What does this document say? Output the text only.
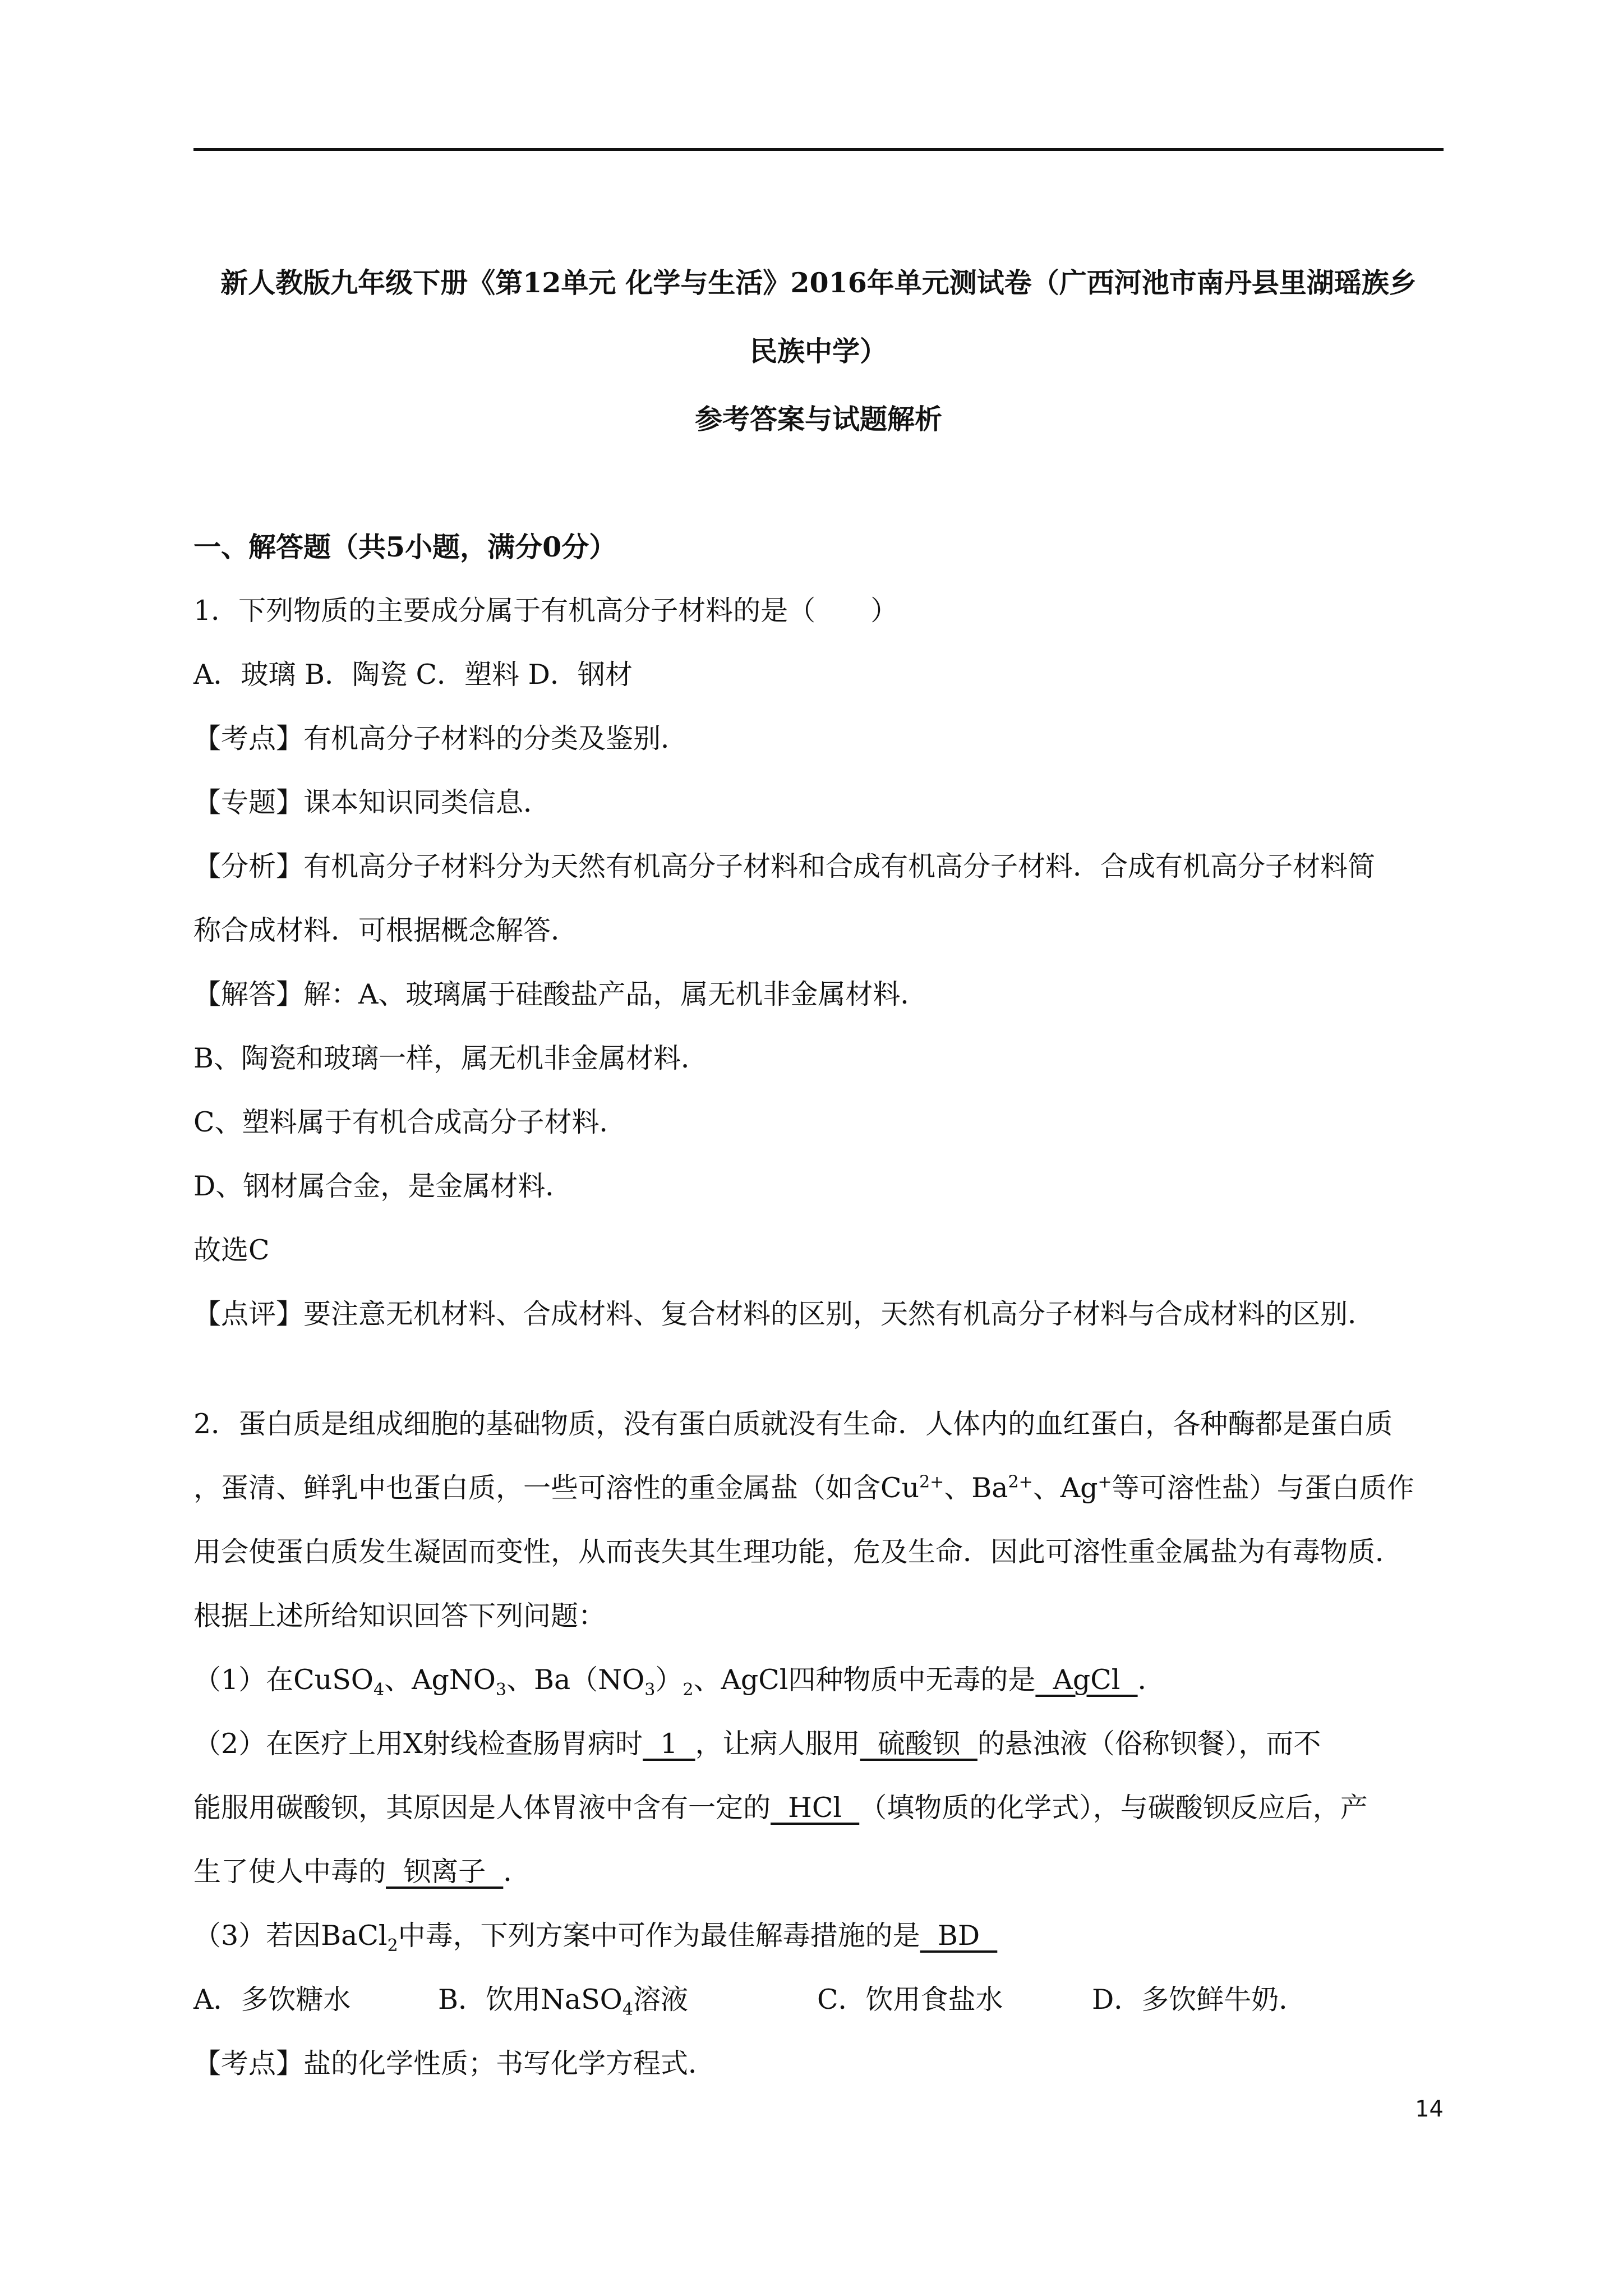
新人教版九年级下册《第12单元 化学与生活》2016年单元测试卷（广西河池市南丹县里湖瑶族乡
民族中学）
参考答案与试题解析
一、解答题（共5小题，满分0分）
1．下列物质的主要成分属于有机高分子材料的是（　　）
A．玻璃 B．陶瓷 C．塑料 D．钢材
【考点】有机高分子材料的分类及鉴别．
【专题】课本知识同类信息．
【分析】有机高分子材料分为天然有机高分子材料和合成有机高分子材料．合成有机高分子材料简
称合成材料．可根据概念解答．
【解答】解：A、玻璃属于硅酸盐产品，属无机非金属材料．
B、陶瓷和玻璃一样，属无机非金属材料．
C、塑料属于有机合成高分子材料．
D、钢材属合金，是金属材料．
故选C
【点评】要注意无机材料、合成材料、复合材料的区别，天然有机高分子材料与合成材料的区别．
2．蛋白质是组成细胞的基础物质，没有蛋白质就没有生命．人体内的血红蛋白，各种酶都是蛋白质
，蛋清、鲜乳中也蛋白质，一些可溶性的重金属盐（如含$Cu^{2+}$、$Ba^{2+}$、Ag+等可溶性盐）与蛋白质作
用会使蛋白质发生凝固而变性，从而丧失其生理功能，危及生命．因此可溶性重金属盐为有毒物质．
根据上述所给知识回答下列问题：
（1）在CuSO$_4$、AgNO$_3$、$Ba(NO_3)_2$、AgCl四种物质中无毒的是  AgCl  ．
（2）在医疗上用X射线检查肠胃病时  1  ，让病人服用  硫酸钡  的悬浊液（俗称钡餐），而不
能服用碳酸钡，其原因是人体胃液中含有一定的  HCl  （填物质的化学式），与碳酸钡反应后，产
生了使人中毒的  钡离子  ．
（3）若因BaCl$_2$中毒，下列方案中可作为最佳解毒措施的是  BD
A．多饮糖水	B．饮用NaSO$_4$溶液	C．饮用食盐水	D．多饮鲜牛奶．
【考点】盐的化学性质；书写化学方程式．
14
